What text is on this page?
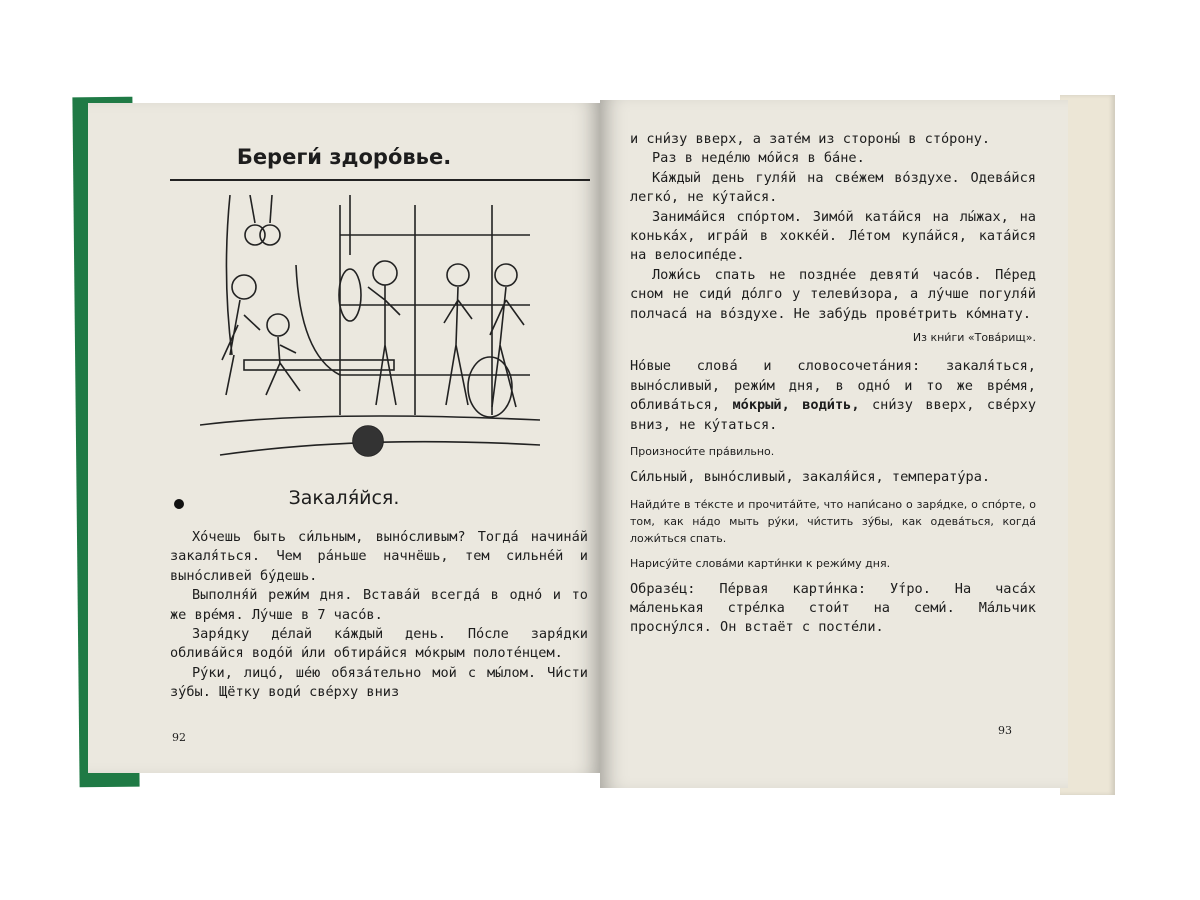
Береги́ здоро́вье.
Закаля́йся.

Хо́чешь быть си́льным, выно́сливым? Тогда́ начина́й закаля́ться. Чем ра́ньше начнёшь, тем сильне́й и выно́сливей бу́дешь.

Выполня́й режи́м дня. Встава́й всегда́ в одно́ и то же вре́мя. Лу́чше в 7 часо́в.

Заря́дку де́лай ка́ждый день. По́сле заря́дки облива́йся водо́й и́ли обтира́йся мо́крым полоте́нцем.

Ру́ки, лицо́, ше́ю обяза́тельно мой с мы́лом. Чи́сти зу́бы. Щётку води́ све́рху вниз

92

и сни́зу вверх, а зате́м из стороны́ в сто́рону.

Раз в неде́лю мо́йся в ба́не.

Ка́ждый день гуля́й на све́жем во́здухе. Одева́йся легко́, не ку́тайся.

Занима́йся спо́ртом. Зимо́й ката́йся на лы́жах, на конька́х, игра́й в хокке́й. Ле́том купа́йся, ката́йся на велосипе́де.

Ложи́сь спать не поздне́е девяти́ часо́в. Пе́ред сном не сиди́ до́лго у телеви́зора, а лу́чше погуля́й полчаса́ на во́здухе. Не забу́дь прове́трить ко́мнату.

Из кни́ги «Това́рищ».

Но́вые слова́ и словосочета́ния: закаля́ться, выно́сливый, режи́м дня, в одно́ и то же вре́мя, облива́ться, мо́крый, води́ть, сни́зу вверх, све́рху вниз, не ку́таться.

Произноси́те пра́вильно.

Си́льный, выно́сливый, закаля́йся, температу́ра.

Найди́те в те́ксте и прочита́йте, что напи́сано о заря́дке, о спо́рте, о том, как на́до мыть ру́ки, чи́стить зу́бы, как одева́ться, когда́ ложи́ться спать.

Нарису́йте слова́ми карти́нки к режи́му дня.

Образе́ц: Пе́рвая карти́нка: У́тро. На часа́х ма́ленькая стре́лка стои́т на семи́. Ма́льчик просну́лся. Он встаёт с посте́ли.

93
